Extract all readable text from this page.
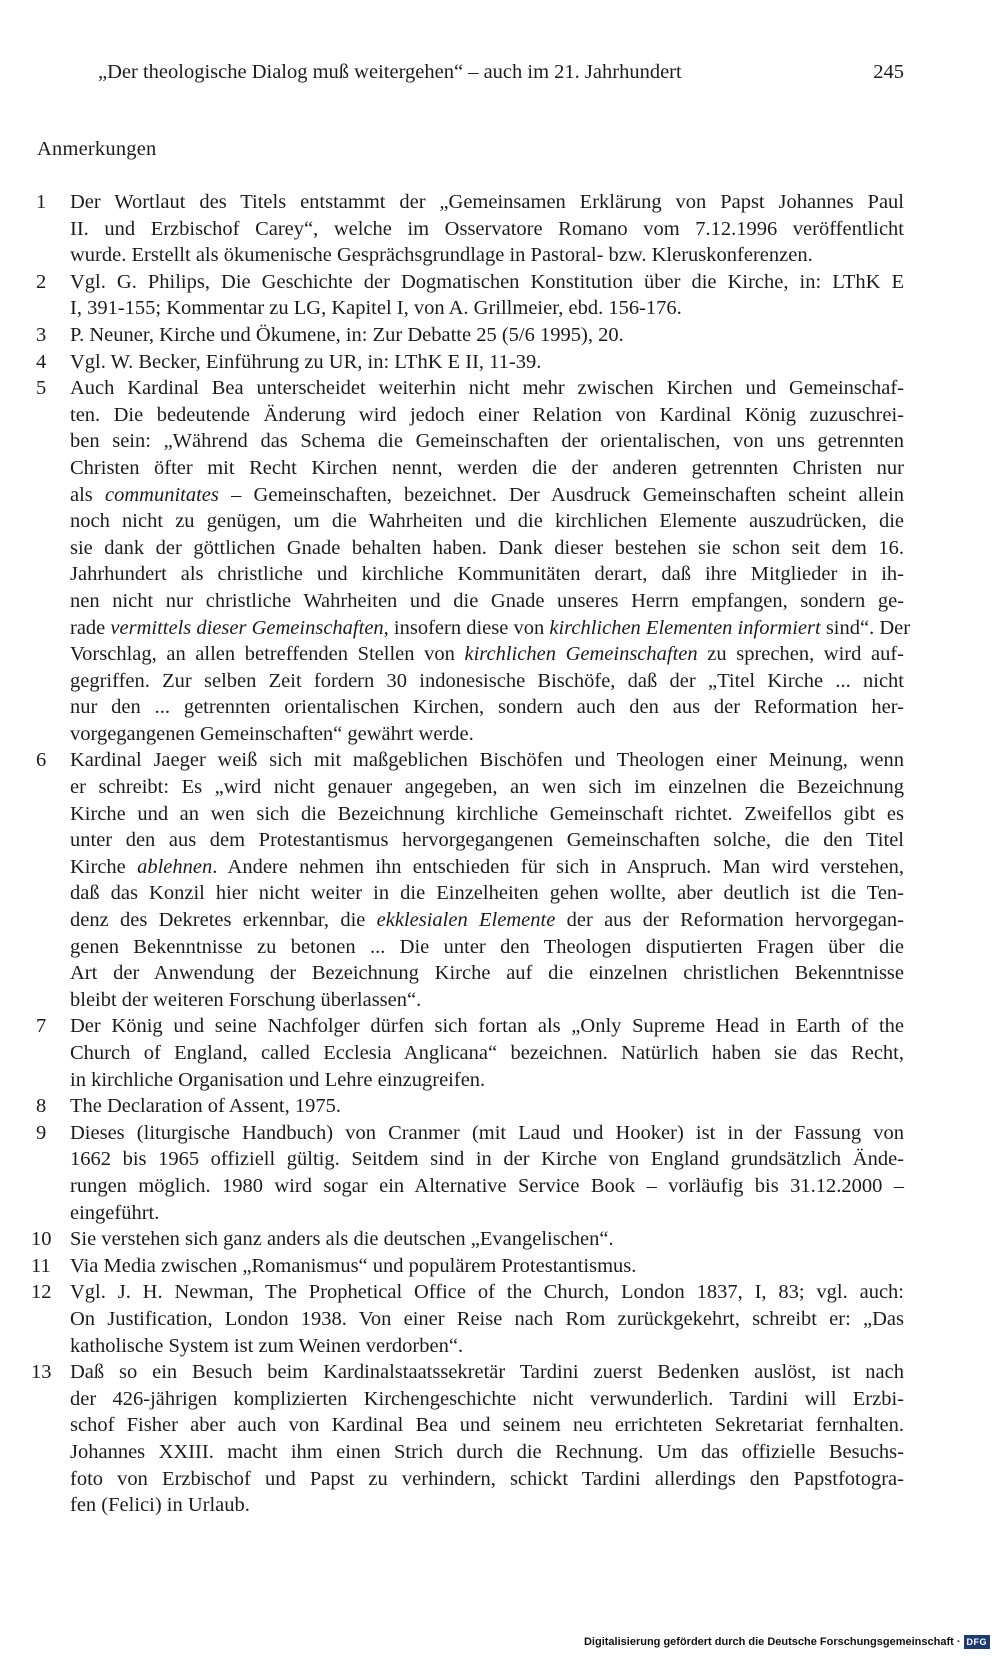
„Der theologische Dialog muß weitergehen“ – auch im 21. Jahrhundert	245
Anmerkungen
1 Der Wortlaut des Titels entstammt der „Gemeinsamen Erklärung von Papst Johannes Paul
II. und Erzbischof Carey“, welche im Osservatore Romano vom 7.12.1996 veröffentlicht
wurde. Erstellt als ökumenische Gesprächsgrundlage in Pastoral- bzw. Kleruskonferenzen.
2 Vgl. G. Philips, Die Geschichte der Dogmatischen Konstitution über die Kirche, in: LThK E
I, 391-155; Kommentar zu LG, Kapitel I, von A. Grillmeier, ebd. 156-176.
3 P. Neuner, Kirche und Ökumene, in: Zur Debatte 25 (5/6 1995), 20.
4 Vgl. W. Becker, Einführung zu UR, in: LThK E II, 11-39.
5 Auch Kardinal Bea unterscheidet weiterhin nicht mehr zwischen Kirchen und Gemeinschaf-
ten. Die bedeutende Änderung wird jedoch einer Relation von Kardinal König zuzuschrei-
ben sein: „Während das Schema die Gemeinschaften der orientalischen, von uns getrennten
Christen öfter mit Recht Kirchen nennt, werden die der anderen getrennten Christen nur
als communitates – Gemeinschaften, bezeichnet. Der Ausdruck Gemeinschaften scheint allein
noch nicht zu genügen, um die Wahrheiten und die kirchlichen Elemente auszudrücken, die
sie dank der göttlichen Gnade behalten haben. Dank dieser bestehen sie schon seit dem 16.
Jahrhundert als christliche und kirchliche Kommunitäten derart, daß ihre Mitglieder in ih-
nen nicht nur christliche Wahrheiten und die Gnade unseres Herrn empfangen, sondern ge-
rade vermittels dieser Gemeinschaften, insofern diese von kirchlichen Elementen informiert sind“. Der
Vorschlag, an allen betreffenden Stellen von kirchlichen Gemeinschaften zu sprechen, wird auf-
gegriffen. Zur selben Zeit fordern 30 indonesische Bischöfe, daß der „Titel Kirche ... nicht
nur den ... getrennten orientalischen Kirchen, sondern auch den aus der Reformation her-
vorgegangenen Gemeinschaften“ gewährt werde.
6 Kardinal Jaeger weiß sich mit maßgeblichen Bischöfen und Theologen einer Meinung, wenn
er schreibt: Es „wird nicht genauer angegeben, an wen sich im einzelnen die Bezeichnung
Kirche und an wen sich die Bezeichnung kirchliche Gemeinschaft richtet. Zweifellos gibt es
unter den aus dem Protestantismus hervorgegangenen Gemeinschaften solche, die den Titel
Kirche ablehnen. Andere nehmen ihn entschieden für sich in Anspruch. Man wird verstehen,
daß das Konzil hier nicht weiter in die Einzelheiten gehen wollte, aber deutlich ist die Ten-
denz des Dekretes erkennbar, die ekklesialen Elemente der aus der Reformation hervorgegan-
genen Bekenntnisse zu betonen ... Die unter den Theologen disputierten Fragen über die
Art der Anwendung der Bezeichnung Kirche auf die einzelnen christlichen Bekenntnisse
bleibt der weiteren Forschung überlassen“.
7 Der König und seine Nachfolger dürfen sich fortan als „Only Supreme Head in Earth of the
Church of England, called Ecclesia Anglicana“ bezeichnen. Natürlich haben sie das Recht,
in kirchliche Organisation und Lehre einzugreifen.
8 The Declaration of Assent, 1975.
9 Dieses (liturgische Handbuch) von Cranmer (mit Laud und Hooker) ist in der Fassung von
1662 bis 1965 offiziell gültig. Seitdem sind in der Kirche von England grundsätzlich Ände-
rungen möglich. 1980 wird sogar ein Alternative Service Book – vorläufig bis 31.12.2000 –
eingeführt.
10 Sie verstehen sich ganz anders als die deutschen „Evangelischen“.
11 Via Media zwischen „Romanismus“ und populärem Protestantismus.
12 Vgl. J. H. Newman, The Prophetical Office of the Church, London 1837, I, 83; vgl. auch:
On Justification, London 1938. Von einer Reise nach Rom zurückgekehrt, schreibt er: „Das
katholische System ist zum Weinen verdorben“.
13 Daß so ein Besuch beim Kardinalstaatssekretär Tardini zuerst Bedenken auslöst, ist nach
der 426-jährigen komplizierten Kirchengeschichte nicht verwunderlich. Tardini will Erzbi-
schof Fisher aber auch von Kardinal Bea und seinem neu errichteten Sekretariat fernhalten.
Johannes XXIII. macht ihm einen Strich durch die Rechnung. Um das offizielle Besuchs-
foto von Erzbischof und Papst zu verhindern, schickt Tardini allerdings den Papstfotogra-
fen (Felici) in Urlaub.
Digitalisierung gefördert durch die Deutsche Forschungsgemeinschaft · DFG
